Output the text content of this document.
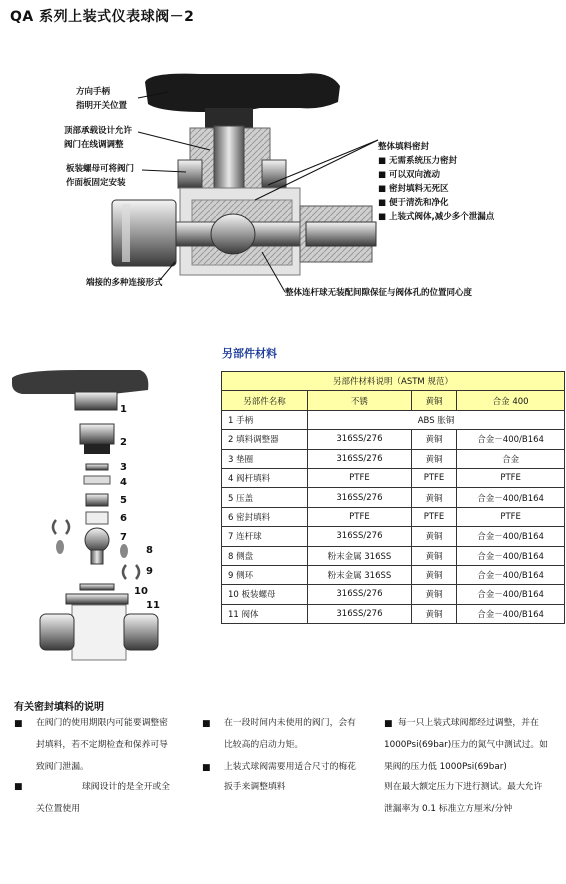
QA 系列上装式仪表球阀－2
方向手柄
指明开关位置
顶部承载设计允许
阀门在线调调整
板装螺母可将阀门
作面板固定安装
端接的多种连接形式
整体连杆球无装配间隙保征与阀体孔的位置同心度
整体填料密封
■ 无需系统压力密封
■ 可以双向流动
■ 密封填料无死区
■ 便于清洗和净化
■ 上装式阀体,减少多个泄漏点
1
2
3
4
5
6
7
8
9
10
11
另部件材料
另部件材料说明（ASTM 规范）			
另部件名称	不锈	黄铜	合金 400
1 手柄	ABS 胀铜		
2 填料调整器	316SS/276	黄铜	合金－400/B164
3 垫圈	316SS/276	黄铜	合金
4 阀杆填料	PTFE	PTFE	PTFE
5 压盖	316SS/276	黄铜	合金－400/B164
6 密封填料	PTFE	PTFE	PTFE
7 连杆球	316SS/276	黄铜	合金－400/B164
8 侧盘	粉末金属 316SS	黄铜	合金－400/B164
9 侧环	粉末金属 316SS	黄铜	合金－400/B164
10 板装螺母	316SS/276	黄铜	合金－400/B164
11 阀体	316SS/276	黄铜	合金－400/B164
有关密封填料的说明
■
■
在阀门的使用期限内可能要调整密
封填料，若不定期检查和保养可导
致阀门泄漏。
球阀设计的是全开或全
关位置使用
■
■
在一段时间内未使用的阀门，会有
比较高的启动力矩。
上装式球阀需要用适合尺寸的梅花
扳手来调整填料
■ 每一只上装式球阀都经过调整，并在
1000Psi(69bar)压力的氮气中测试过。如
果阀的压力低 1000Psi(69bar)
则在最大额定压力下进行测试。最大允许
泄漏率为 0.1 标准立方厘米/分钟
